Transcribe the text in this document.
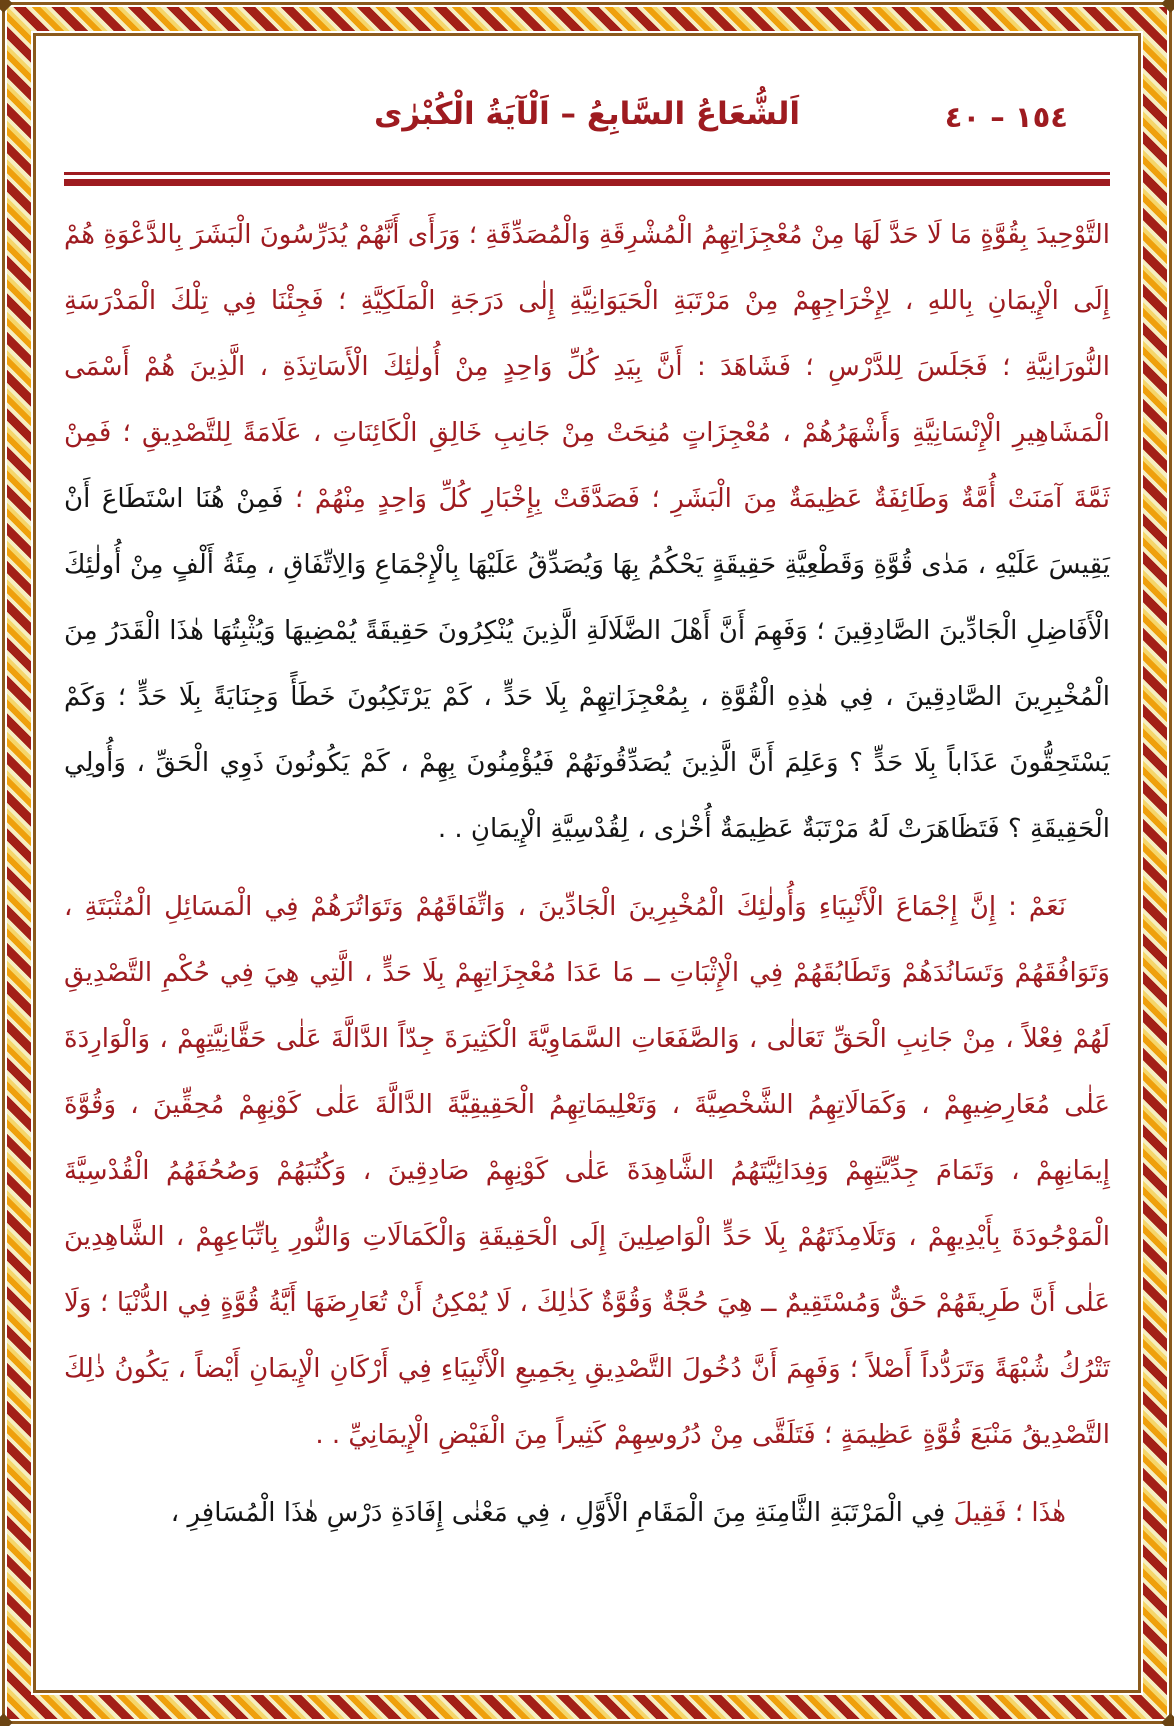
١٥٤ – ٤٠
اَلشُّعَاعُ السَّابِعُ – اَلْآيَةُ الْكُبْرٰى

التَّوْحِيدَ بِقُوَّةٍ مَا لَا حَدَّ لَهَا مِنْ مُعْجِزَاتِهِمُ الْمُشْرِقَةِ وَالْمُصَدِّقَةِ ؛ وَرَأَى أَنَّهُمْ يُدَرِّسُونَ الْبَشَرَ بِالدَّعْوَةِ هُمْ إِلَى الْإِيمَانِ بِاللهِ ، لِإِخْرَاجِهِمْ مِنْ مَرْتَبَةِ الْحَيَوَانِيَّةِ إِلٰى دَرَجَةِ الْمَلَكِيَّةِ ؛ فَجِئْنَا فِي تِلْكَ الْمَدْرَسَةِ النُّورَانِيَّةِ ؛ فَجَلَسَ لِلدَّرْسِ ؛ فَشَاهَدَ : أَنَّ بِيَدِ كُلِّ وَاحِدٍ مِنْ أُولٰئِكَ الْأَسَاتِذَةِ ، الَّذِينَ هُمْ أَسْمَى الْمَشَاهِيرِ الْإِنْسَانِيَّةِ وَأَشْهَرُهُمْ ، مُعْجِزَاتٍ مُنِحَتْ مِنْ جَانِبِ خَالِقِ الْكَائِنَاتِ ، عَلَامَةً لِلتَّصْدِيقِ ؛ فَمِنْ ثَمَّةَ آمَنَتْ أُمَّةٌ وَطَائِفَةٌ عَظِيمَةٌ مِنَ الْبَشَرِ ؛ فَصَدَّقَتْ بِإِخْبَارِ كُلِّ وَاحِدٍ مِنْهُمْ ؛ فَمِنْ هُنَا اسْتَطَاعَ أَنْ يَقِيسَ عَلَيْهِ ، مَدٰى قُوَّةِ وَقَطْعِيَّةِ حَقِيقَةٍ يَحْكُمُ بِهَا وَيُصَدِّقُ عَلَيْهَا بِالْإِجْمَاعِ وَالِاتِّفَاقِ ، مِئَةُ أَلْفٍ مِنْ أُولٰئِكَ الْأَفَاضِلِ الْجَادِّينَ الصَّادِقِينَ ؛ وَفَهِمَ أَنَّ أَهْلَ الضَّلَالَةِ الَّذِينَ يُنْكِرُونَ حَقِيقَةً يُمْضِيهَا وَيُثْبِتُهَا هٰذَا الْقَدَرُ مِنَ الْمُخْبِرِينَ الصَّادِقِينَ ، فِي هٰذِهِ الْقُوَّةِ ، بِمُعْجِزَاتِهِمْ بِلَا حَدٍّ ، كَمْ يَرْتَكِبُونَ خَطَأً وَجِنَايَةً بِلَا حَدٍّ ؛ وَكَمْ يَسْتَحِقُّونَ عَذَاباً بِلَا حَدٍّ ؟ وَعَلِمَ أَنَّ الَّذِينَ يُصَدِّقُونَهُمْ فَيُؤْمِنُونَ بِهِمْ ، كَمْ يَكُونُونَ ذَوِي الْحَقِّ ، وَأُولِي الْحَقِيقَةِ ؟ فَتَظَاهَرَتْ لَهُ مَرْتَبَةٌ عَظِيمَةٌ أُخْرٰى ، لِقُدْسِيَّةِ الْإِيمَانِ . .

نَعَمْ : إِنَّ إِجْمَاعَ الْأَنْبِيَاءِ وَأُولٰئِكَ الْمُخْبِرِينَ الْجَادِّينَ ، وَاتِّفَاقَهُمْ وَتَوَاتُرَهُمْ فِي الْمَسَائِلِ الْمُثْبَتَةِ ، وَتَوَافُقَهُمْ وَتَسَانُدَهُمْ وَتَطَابُقَهُمْ فِي الْإِثْبَاتِ ــ مَا عَدَا مُعْجِزَاتِهِمْ بِلَا حَدٍّ ، الَّتِي هِيَ فِي حُكْمِ التَّصْدِيقِ لَهُمْ فِعْلاً ، مِنْ جَانِبِ الْحَقِّ تَعَالٰى ، وَالصَّفَعَاتِ السَّمَاوِيَّةَ الْكَثِيرَةَ جِدّاً الدَّالَّةَ عَلٰى حَقَّانِيَّتِهِمْ ، وَالْوَارِدَةَ عَلٰى مُعَارِضِيهِمْ ، وَكَمَالَاتِهِمُ الشَّخْصِيَّةَ ، وَتَعْلِيمَاتِهِمُ الْحَقِيقِيَّةَ الدَّالَّةَ عَلٰى كَوْنِهِمْ مُحِقِّينَ ، وَقُوَّةَ إِيمَانِهِمْ ، وَتَمَامَ جِدِّيَّتِهِمْ وَفِدَائِيَّتَهُمُ الشَّاهِدَةَ عَلٰى كَوْنِهِمْ صَادِقِينَ ، وَكُتُبَهُمْ وَصُحُفَهُمُ الْقُدْسِيَّةَ الْمَوْجُودَةَ بِأَيْدِيهِمْ ، وَتَلَامِذَتَهُمْ بِلَا حَدٍّ الْوَاصِلِينَ إِلَى الْحَقِيقَةِ وَالْكَمَالَاتِ وَالنُّورِ بِاتِّبَاعِهِمْ ، الشَّاهِدِينَ عَلٰى أَنَّ طَرِيقَهُمْ حَقٌّ وَمُسْتَقِيمٌ ــ هِيَ حُجَّةٌ وَقُوَّةٌ كَذٰلِكَ ، لَا يُمْكِنُ أَنْ تُعَارِضَهَا أَيَّةُ قُوَّةٍ فِي الدُّنْيَا ؛ وَلَا تَتْرُكُ شُبْهَةً وَتَرَدُّداً أَصْلاً ؛ وَفَهِمَ أَنَّ دُخُولَ التَّصْدِيقِ بِجَمِيعِ الْأَنْبِيَاءِ فِي أَرْكَانِ الْإِيمَانِ أَيْضاً ، يَكُونُ ذٰلِكَ التَّصْدِيقُ مَنْبَعَ قُوَّةٍ عَظِيمَةٍ ؛ فَتَلَقَّى مِنْ دُرُوسِهِمْ كَثِيراً مِنَ الْفَيْضِ الْإِيمَانِيِّ . .

هٰذَا ؛ فَقِيلَ فِي الْمَرْتَبَةِ الثَّامِنَةِ مِنَ الْمَقَامِ الْأَوَّلِ ، فِي مَعْنٰى إِفَادَةِ دَرْسِ هٰذَا الْمُسَافِرِ ،
